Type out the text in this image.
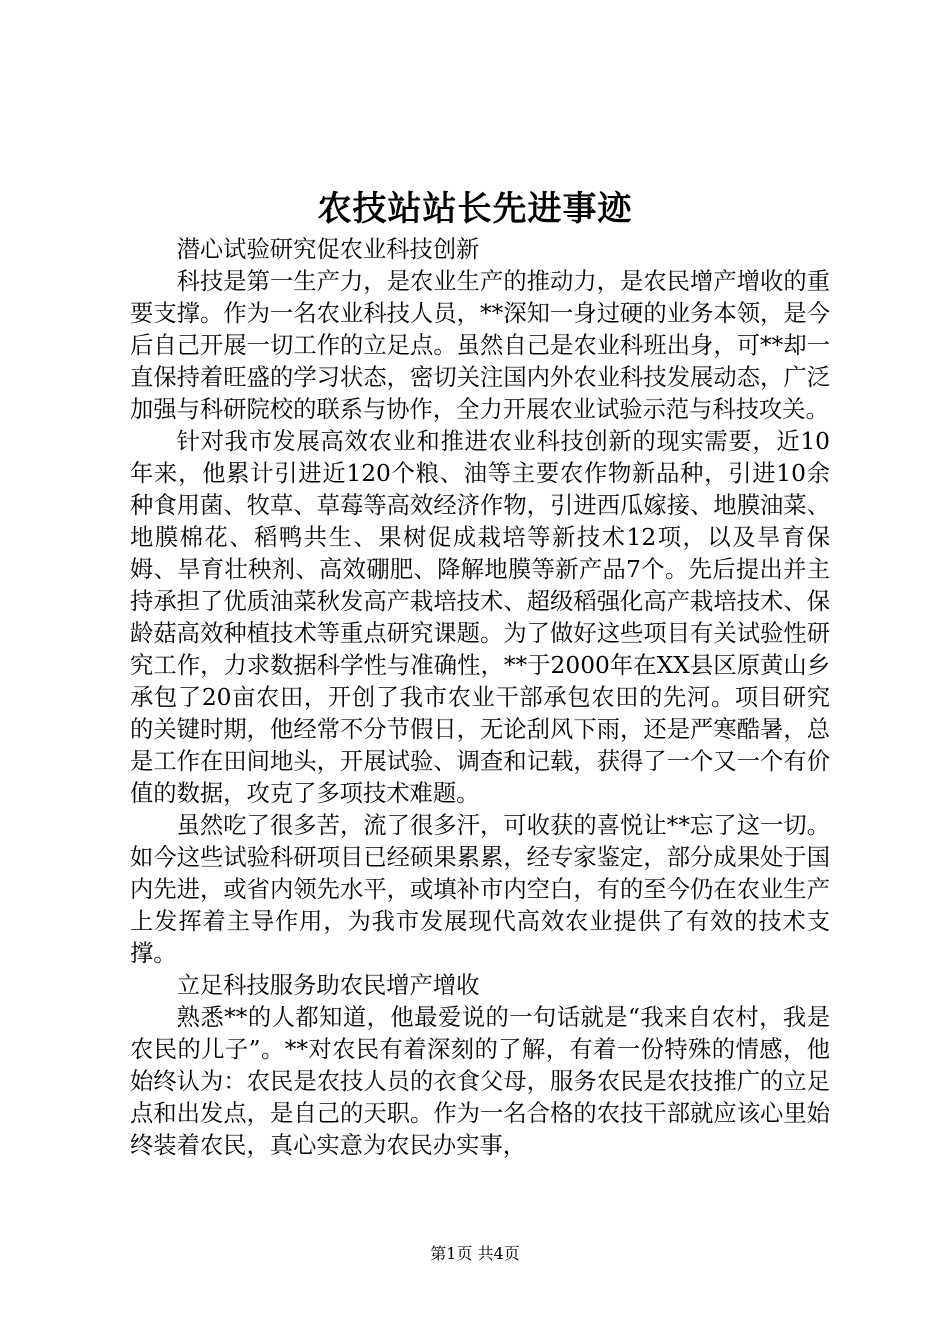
农技站站长先进事迹

潜心试验研究促农业科技创新

科技是第一生产力，是农业生产的推动力，是农民增产增收的重要支撑。作为一名农业科技人员，**深知一身过硬的业务本领，是今后自己开展一切工作的立足点。虽然自己是农业科班出身，可**却一直保持着旺盛的学习状态，密切关注国内外农业科技发展动态，广泛加强与科研院校的联系与协作，全力开展农业试验示范与科技攻关。

针对我市发展高效农业和推进农业科技创新的现实需要，近10年来，他累计引进近120个粮、油等主要农作物新品种，引进10余种食用菌、牧草、草莓等高效经济作物，引进西瓜嫁接、地膜油菜、地膜棉花、稻鸭共生、果树促成栽培等新技术12项，以及旱育保姆、旱育壮秧剂、高效硼肥、降解地膜等新产品7个。先后提出并主持承担了优质油菜秋发高产栽培技术、超级稻强化高产栽培技术、保龄菇高效种植技术等重点研究课题。为了做好这些项目有关试验性研究工作，力求数据科学性与准确性，**于2000年在XX县区原黄山乡承包了20亩农田，开创了我市农业干部承包农田的先河。项目研究的关键时期，他经常不分节假日，无论刮风下雨，还是严寒酷暑，总是工作在田间地头，开展试验、调查和记载，获得了一个又一个有价值的数据，攻克了多项技术难题。

虽然吃了很多苦，流了很多汗，可收获的喜悦让**忘了这一切。如今这些试验科研项目已经硕果累累，经专家鉴定，部分成果处于国内先进，或省内领先水平，或填补市内空白，有的至今仍在农业生产上发挥着主导作用，为我市发展现代高效农业提供了有效的技术支撑。

立足科技服务助农民增产增收

熟悉**的人都知道，他最爱说的一句话就是“我来自农村，我是农民的儿子”。**对农民有着深刻的了解，有着一份特殊的情感，他始终认为：农民是农技人员的衣食父母，服务农民是农技推广的立足点和出发点，是自己的天职。作为一名合格的农技干部就应该心里始终装着农民，真心实意为农民办实事，

第1页 共4页
